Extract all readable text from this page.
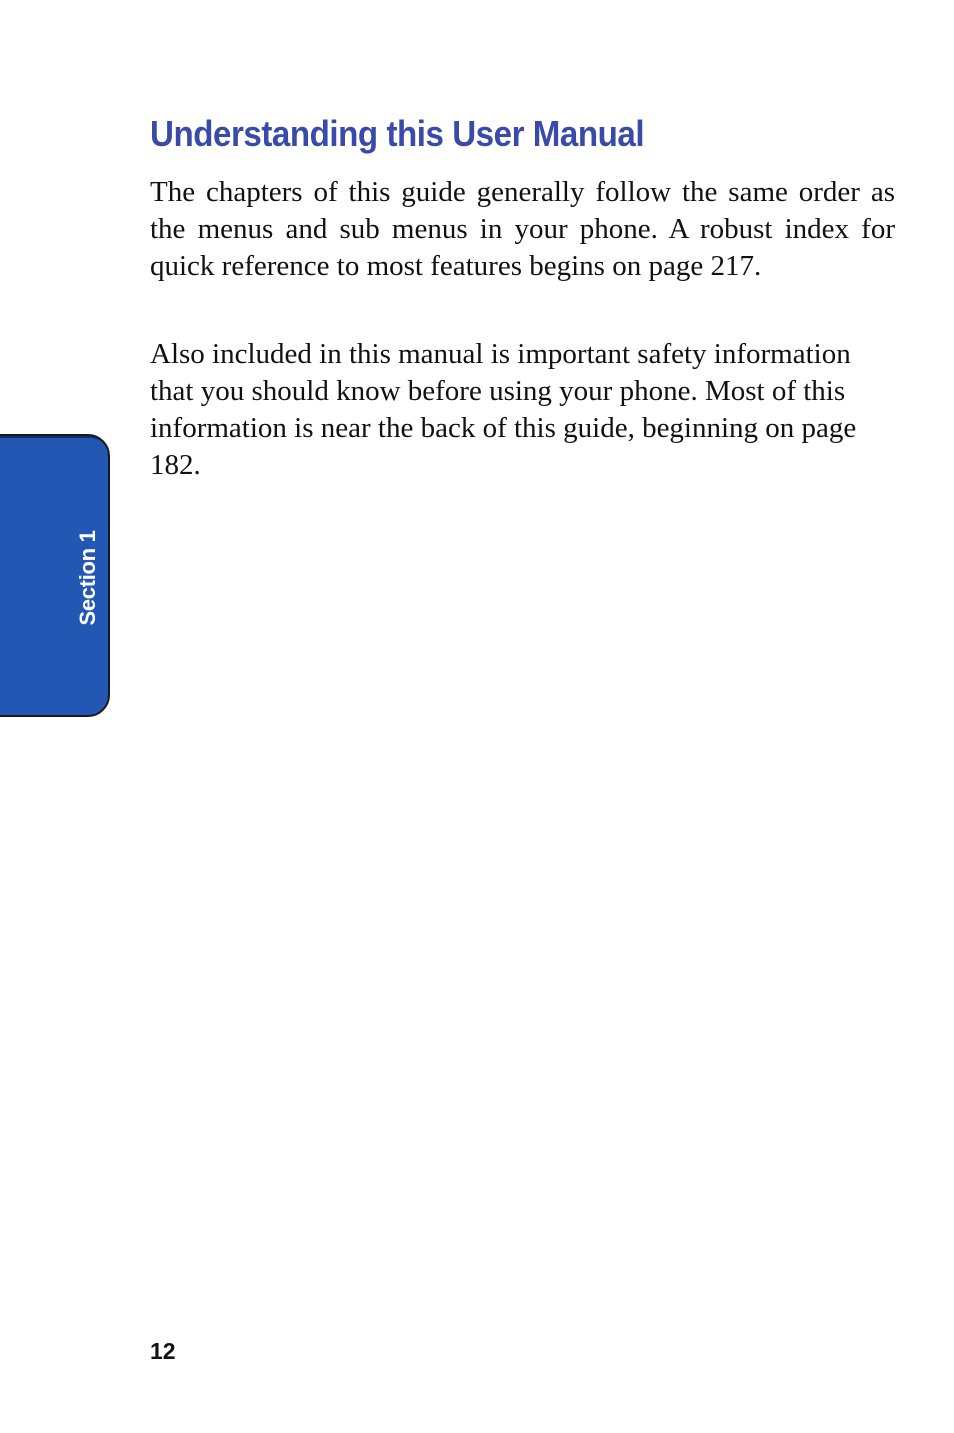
Understanding this User Manual

The chapters of this guide generally follow the same order as the menus and sub menus in your phone. A robust index for quick reference to most features begins on page 217.

Also included in this manual is important safety information that you should know before using your phone. Most of this information is near the back of this guide, beginning on page 182.

Section 1
12
